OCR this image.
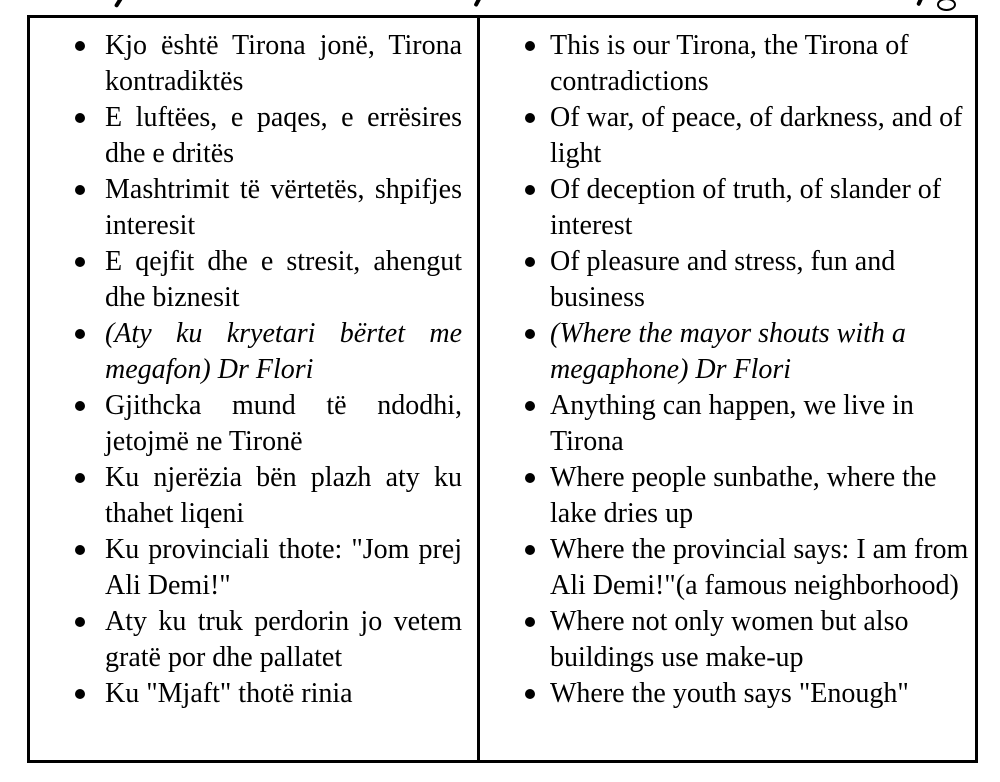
Kjo është Tirona jonë, Tirona
kontradiktës
E luftëes, e paqes, e errësires
dhe e dritës
Mashtrimit të vërtetës, shpifjes
interesit
E qejfit dhe e stresit, ahengut
dhe biznesit
(Aty ku kryetari bërtet me
megafon) Dr Flori
Gjithcka mund të ndodhi,
jetojmë ne Tironë
Ku njerëzia bën plazh aty ku
thahet liqeni
Ku provinciali thote: "Jom prej
Ali Demi!"
Aty ku truk perdorin jo vetem
gratë por dhe pallatet
Ku "Mjaft" thotë rinia
This is our Tirona, the Tirona of
contradictions
Of war, of peace, of darkness, and of
light
Of deception of truth, of slander of
interest
Of pleasure and stress, fun and
business
(Where the mayor shouts with a
megaphone) Dr Flori
Anything can happen, we live in
Tirona
Where people sunbathe, where the
lake dries up
Where the provincial says: I am from
Ali Demi!"(a famous neighborhood)
Where not only women but also
buildings use make-up
Where the youth says "Enough"
